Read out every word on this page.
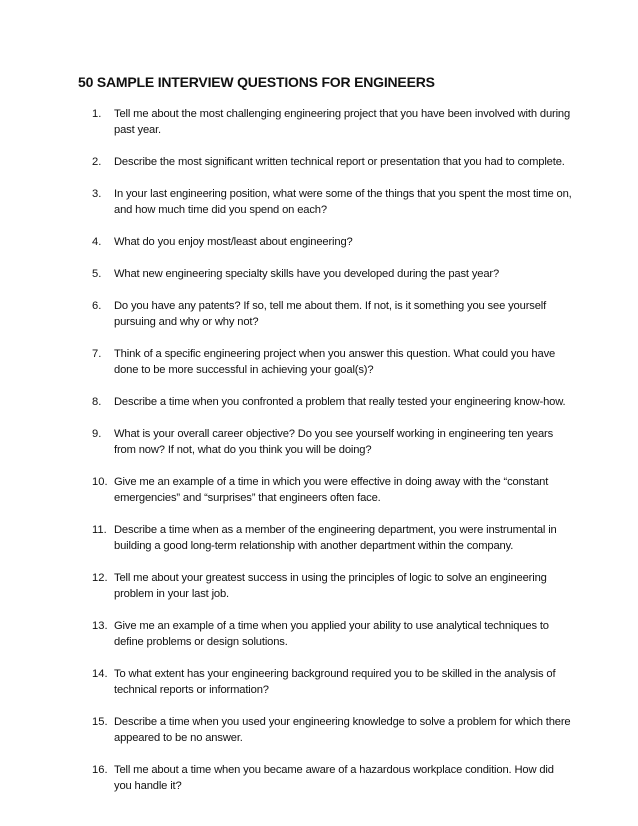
50 SAMPLE INTERVIEW QUESTIONS FOR ENGINEERS
1.	Tell me about the most challenging engineering project that you have been involved with during past year.
2.	Describe the most significant written technical report or presentation that you had to complete.
3.	In your last engineering position, what were some of the things that you spent the most time on, and how much time did you spend on each?
4.	What do you enjoy most/least about engineering?
5.	What new engineering specialty skills have you developed during the past year?
6.	Do you have any patents? If so, tell me about them. If not, is it something you see yourself pursuing and why or why not?
7.	Think of a specific engineering project when you answer this question. What could you have done to be more successful in achieving your goal(s)?
8.	Describe a time when you confronted a problem that really tested your engineering know-how.
9.	What is your overall career objective? Do you see yourself working in engineering ten years from now? If not, what do you think you will be doing?
10. Give me an example of a time in which you were effective in doing away with the “constant emergencies” and “surprises” that engineers often face.
11. Describe a time when as a member of the engineering department, you were instrumental in building a good long-term relationship with another department within the company.
12. Tell me about your greatest success in using the principles of logic to solve an engineering problem in your last job.
13. Give me an example of a time when you applied your ability to use analytical techniques to define problems or design solutions.
14. To what extent has your engineering background required you to be skilled in the analysis of technical reports or information?
15. Describe a time when you used your engineering knowledge to solve a problem for which there appeared to be no answer.
16. Tell me about a time when you became aware of a hazardous workplace condition. How did you handle it?
